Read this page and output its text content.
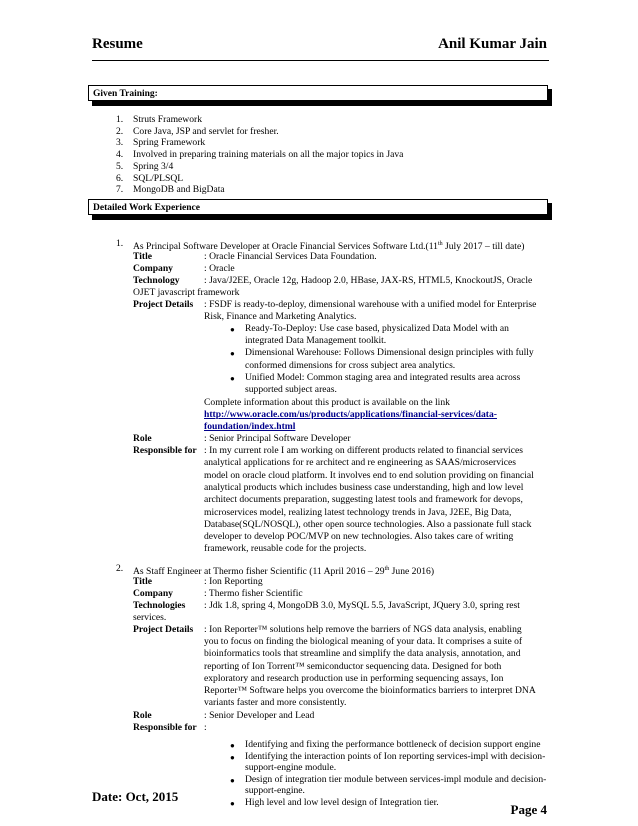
Resume	Anil Kumar Jain
Given Training:
1. Struts Framework
2. Core Java, JSP and servlet for fresher.
3. Spring Framework
4. Involved in preparing training materials on all the major topics in Java
5. Spring 3/4
6. SQL/PLSQL
7. MongoDB and BigData
Detailed Work Experience
1. As Principal Software Developer at Oracle Financial Services Software Ltd.(11th July 2017 – till date)
Title	: Oracle Financial Services Data Foundation.
Company	: Oracle
Technology	: Java/J2EE, Oracle 12g, Hadoop 2.0, HBase, JAX-RS, HTML5, KnockoutJS, Oracle
OJET javascript framework
Project Details : FSDF is ready-to-deploy, dimensional warehouse with a unified model for Enterprise
Risk, Finance and Marketing Analytics.
● Ready-To-Deploy: Use case based, physicalized Data Model with an
integrated Data Management toolkit.
● Dimensional Warehouse: Follows Dimensional design principles with fully
conformed dimensions for cross subject area analytics.
● Unified Model: Common staging area and integrated results area across
supported subject areas.
Complete information about this product is available on the link
http://www.oracle.com/us/products/applications/financial-services/data-
foundation/index.html
Role	: Senior Principal Software Developer
Responsible for : In my current role I am working on different products related to financial services
analytical applications for re architect and re engineering as SAAS/microservices
model on oracle cloud platform. It involves end to end solution providing on financial
analytical products which includes business case understanding, high and low level
architect documents preparation, suggesting latest tools and framework for devops,
microservices model, realizing latest technology trends in Java, J2EE, Big Data,
Database(SQL/NOSQL), other open source technologies. Also a passionate full stack
developer to develop POC/MVP on new technologies. Also takes care of writing
framework, reusable code for the projects.
2. As Staff Engineer at Thermo fisher Scientific (11 April 2016 – 29th June 2016)
Title	: Ion Reporting
Company	: Thermo fisher Scientific
Technologies : Jdk 1.8, spring 4, MongoDB 3.0, MySQL 5.5, JavaScript, JQuery 3.0, spring rest
services.
Project Details : Ion Reporter™ solutions help remove the barriers of NGS data analysis, enabling
you to focus on finding the biological meaning of your data. It comprises a suite of
bioinformatics tools that streamline and simplify the data analysis, annotation, and
reporting of Ion Torrent™ semiconductor sequencing data. Designed for both
exploratory and research production use in performing sequencing assays, Ion
Reporter™ Software helps you overcome the bioinformatics barriers to interpret DNA
variants faster and more consistently.
Role	: Senior Developer and Lead
Responsible for :
● Identifying and fixing the performance bottleneck of decision support engine
● Identifying the interaction points of Ion reporting services-impl with decision-
support-engine module.
● Design of integration tier module between services-impl module and decision-
support-engine.
● High level and low level design of Integration tier.
Date: Oct, 2015
Page 4
